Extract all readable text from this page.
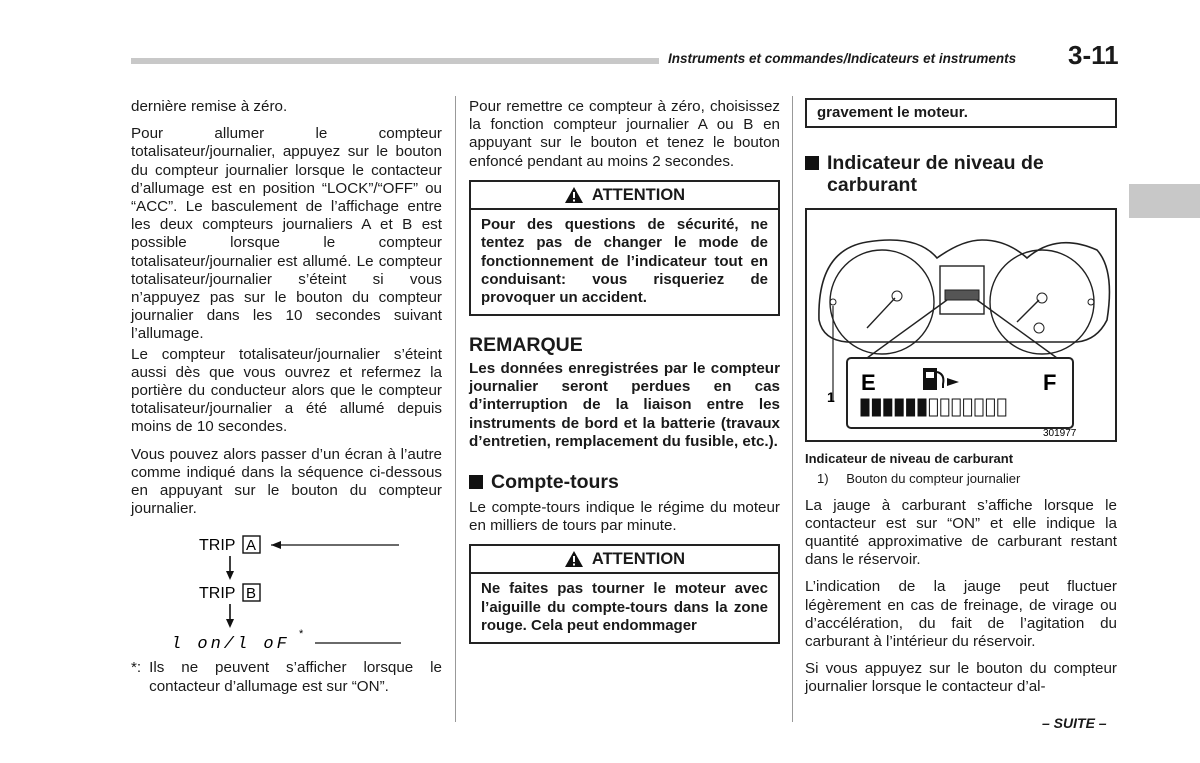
Instruments et commandes/Indicateurs et instruments 3-11

dernière remise à zéro.

Pour allumer le compteur totalisateur/journalier, appuyez sur le bouton du compteur journalier lorsque le contacteur d’allumage est en position “LOCK”/“OFF” ou “ACC”. Le basculement de l’affichage entre les deux compteurs journaliers A et B est possible lorsque le compteur totalisateur/journalier est allumé. Le compteur totalisateur/journalier s’éteint si vous n’appuyez pas sur le bouton du compteur journalier dans les 10 secondes suivant l’allumage.

Le compteur totalisateur/journalier s’éteint aussi dès que vous ouvrez et refermez la portière du conducteur alors que le compteur totalisateur/journalier a été allumé depuis moins de 10 secondes.

Vous pouvez alors passer d’un écran à l’autre comme indiqué dans la séquence ci-dessous en appuyant sur le bouton du compteur journalier.

TRIP A
TRIP B
l on/l oF
*
*: Ils ne peuvent s’afficher lorsque le contacteur d’allumage est sur “ON”.

Pour remettre ce compteur à zéro, choisissez la fonction compteur journalier A ou B en appuyant sur le bouton et tenez le bouton enfoncé pendant au moins 2 secondes.

ATTENTION
Pour des questions de sécurité, ne tentez pas de changer le mode de fonctionnement de l’indicateur tout en conduisant: vous risqueriez de provoquer un accident.
REMARQUE

Les données enregistrées par le compteur journalier seront perdues en cas d’interruption de la liaison entre les instruments de bord et la batterie (travaux d’entretien, remplacement du fusible, etc.).

Compte-tours

Le compte-tours indique le régime du moteur en milliers de tours par minute.

ATTENTION
Ne faites pas tourner le moteur avec l’aiguille du compte-tours dans la zone rouge. Cela peut endommager
gravement le moteur.
Indicateur de niveau de carburant
1
E	F
301977
Indicateur de niveau de carburant
1) Bouton du compteur journalier

La jauge à carburant s’affiche lorsque le contacteur est sur “ON” et elle indique la quantité approximative de carburant restant dans le réservoir.

L’indication de la jauge peut fluctuer légèrement en cas de freinage, de virage ou d’accélération, du fait de l’agitation du carburant à l’intérieur du réservoir.

Si vous appuyez sur le bouton du compteur journalier lorsque le contacteur d’al-

– SUITE –
